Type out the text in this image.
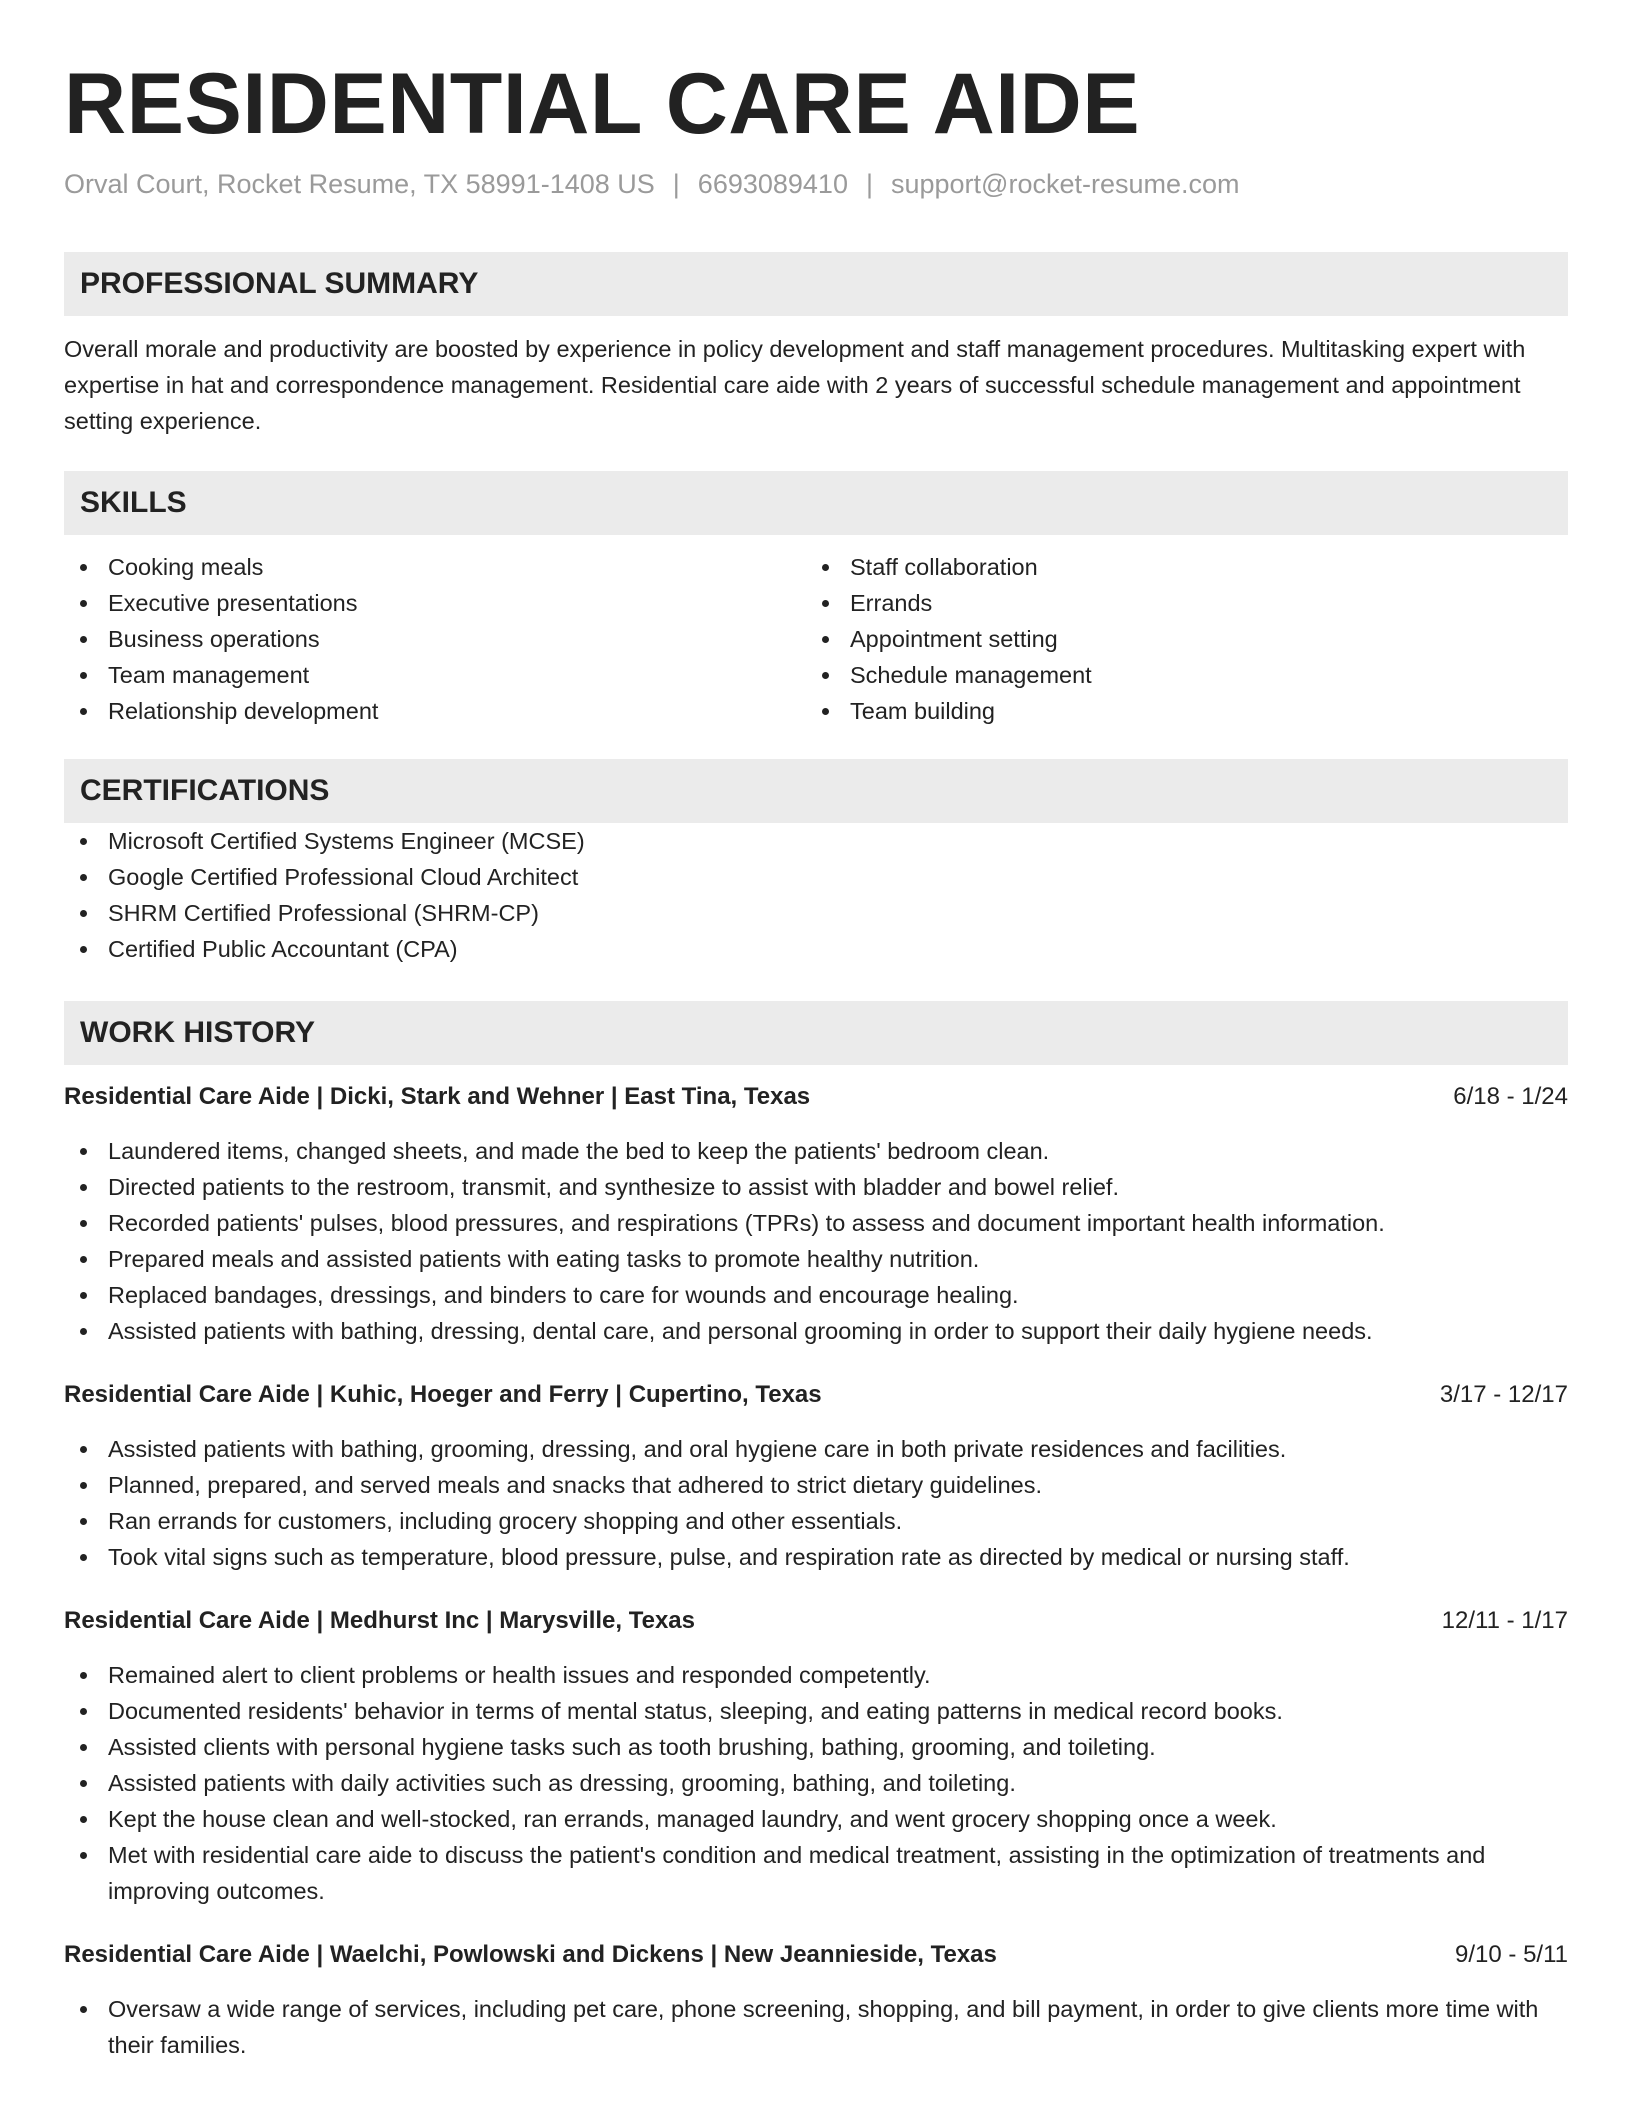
RESIDENTIAL CARE AIDE
Orval Court, Rocket Resume, TX 58991-1408 US | 6693089410 | support@rocket-resume.com
PROFESSIONAL SUMMARY

Overall morale and productivity are boosted by experience in policy development and staff management procedures. Multitasking expert with expertise in hat and correspondence management. Residential care aide with 2 years of successful schedule management and appointment setting experience.

SKILLS
Cooking meals
Executive presentations
Business operations
Team management
Relationship development
Staff collaboration
Errands
Appointment setting
Schedule management
Team building
CERTIFICATIONS
Microsoft Certified Systems Engineer (MCSE)
Google Certified Professional Cloud Architect
SHRM Certified Professional (SHRM-CP)
Certified Public Accountant (CPA)
WORK HISTORY
Residential Care Aide | Dicki, Stark and Wehner | East Tina, Texas	6/18 - 1/24
Laundered items, changed sheets, and made the bed to keep the patients' bedroom clean.
Directed patients to the restroom, transmit, and synthesize to assist with bladder and bowel relief.
Recorded patients' pulses, blood pressures, and respirations (TPRs) to assess and document important health information.
Prepared meals and assisted patients with eating tasks to promote healthy nutrition.
Replaced bandages, dressings, and binders to care for wounds and encourage healing.
Assisted patients with bathing, dressing, dental care, and personal grooming in order to support their daily hygiene needs.
Residential Care Aide | Kuhic, Hoeger and Ferry | Cupertino, Texas	3/17 - 12/17
Assisted patients with bathing, grooming, dressing, and oral hygiene care in both private residences and facilities.
Planned, prepared, and served meals and snacks that adhered to strict dietary guidelines.
Ran errands for customers, including grocery shopping and other essentials.
Took vital signs such as temperature, blood pressure, pulse, and respiration rate as directed by medical or nursing staff.
Residential Care Aide | Medhurst Inc | Marysville, Texas	12/11 - 1/17
Remained alert to client problems or health issues and responded competently.
Documented residents' behavior in terms of mental status, sleeping, and eating patterns in medical record books.
Assisted clients with personal hygiene tasks such as tooth brushing, bathing, grooming, and toileting.
Assisted patients with daily activities such as dressing, grooming, bathing, and toileting.
Kept the house clean and well-stocked, ran errands, managed laundry, and went grocery shopping once a week.
Met with residential care aide to discuss the patient's condition and medical treatment, assisting in the optimization of treatments and improving outcomes.
Residential Care Aide | Waelchi, Powlowski and Dickens | New Jeannieside, Texas	9/10 - 5/11
Oversaw a wide range of services, including pet care, phone screening, shopping, and bill payment, in order to give clients more time with their families.
